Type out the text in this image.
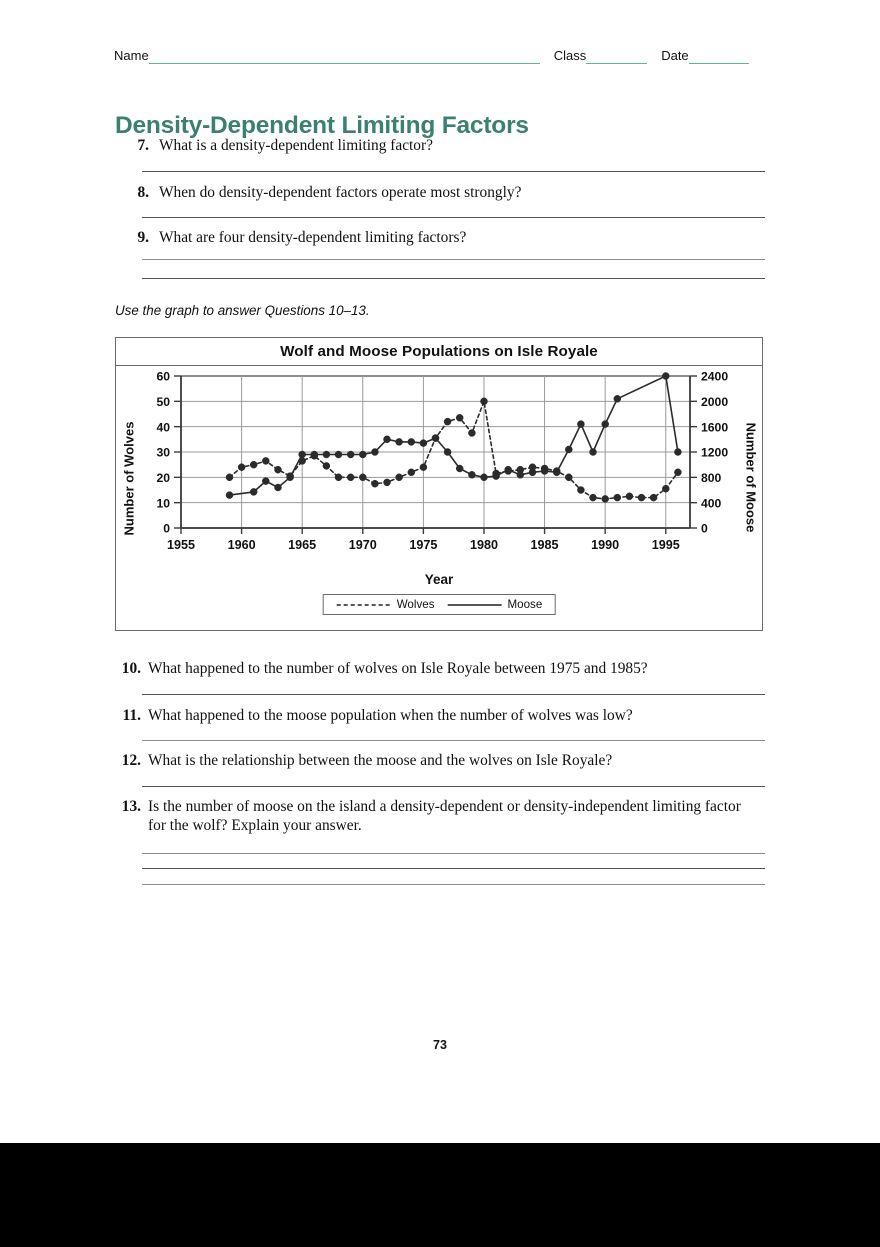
Name	Class	Date
Density-Dependent Limiting Factors
7. What is a density-dependent limiting factor?
8. When do density-dependent factors operate most strongly?
9. What are four density-dependent limiting factors?
Use the graph to answer Questions 10–13.
Wolf and Moose Populations on Isle Royale
Number of Wolves	Number of Moose
Year
0
10
20
30
40
50
60
0
400
800
1200
1600
2000
2400
1955	1960	1965	1970	1975	1980	1985	1990	1995
Wolves	Moose
10. What happened to the number of wolves on Isle Royale between 1975 and 1985?
11. What happened to the moose population when the number of wolves was low?
12. What is the relationship between the moose and the wolves on Isle Royale?
13. Is the number of moose on the island a density-dependent or density-independent limiting factor for the wolf? Explain your answer.
73
